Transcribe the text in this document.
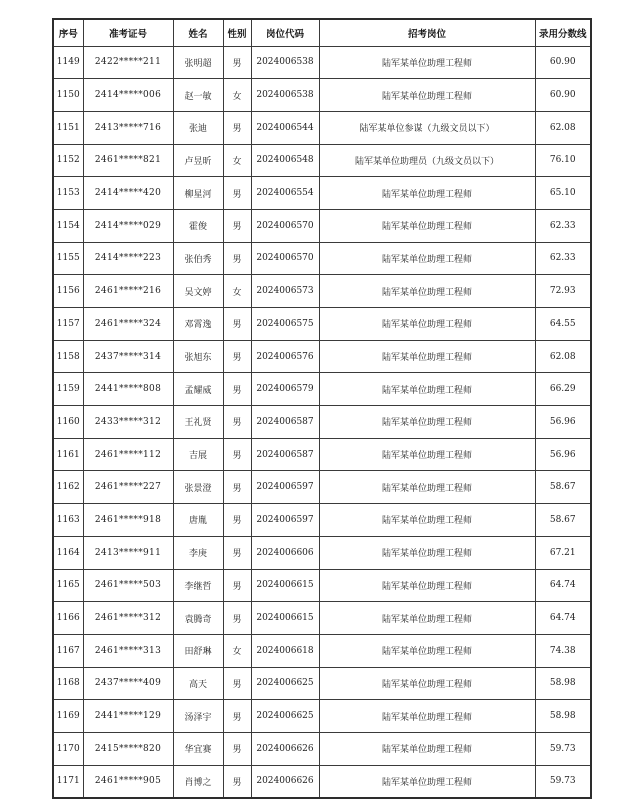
序号	准考证号	姓名	性别	岗位代码	招考岗位	录用分数线
1149	2422*****211	张明超	男	2024006538	陆军某单位助理工程师	60.90
1150	2414*****006	赵一敏	女	2024006538	陆军某单位助理工程师	60.90
1151	2413*****716	张迪	男	2024006544	陆军某单位参谋（九级文员以下）	62.08
1152	2461*****821	卢昱昕	女	2024006548	陆军某单位助理员（九级文员以下）	76.10
1153	2414*****420	柳星河	男	2024006554	陆军某单位助理工程师	65.10
1154	2414*****029	霍俊	男	2024006570	陆军某单位助理工程师	62.33
1155	2414*****223	张伯秀	男	2024006570	陆军某单位助理工程师	62.33
1156	2461*****216	吴文婷	女	2024006573	陆军某单位助理工程师	72.93
1157	2461*****324	邓霄逸	男	2024006575	陆军某单位助理工程师	64.55
1158	2437*****314	张旭东	男	2024006576	陆军某单位助理工程师	62.08
1159	2441*****808	孟耀威	男	2024006579	陆军某单位助理工程师	66.29
1160	2433*****312	王礼贤	男	2024006587	陆军某单位助理工程师	56.96
1161	2461*****112	吉展	男	2024006587	陆军某单位助理工程师	56.96
1162	2461*****227	张景澄	男	2024006597	陆军某单位助理工程师	58.67
1163	2461*****918	唐胤	男	2024006597	陆军某单位助理工程师	58.67
1164	2413*****911	李庚	男	2024006606	陆军某单位助理工程师	67.21
1165	2461*****503	李继哲	男	2024006615	陆军某单位助理工程师	64.74
1166	2461*****312	袁腾奇	男	2024006615	陆军某单位助理工程师	64.74
1167	2461*****313	田舒琳	女	2024006618	陆军某单位助理工程师	74.38
1168	2437*****409	高天	男	2024006625	陆军某单位助理工程师	58.98
1169	2441*****129	汤泽宇	男	2024006625	陆军某单位助理工程师	58.98
1170	2415*****820	华宜赛	男	2024006626	陆军某单位助理工程师	59.73
1171	2461*****905	肖博之	男	2024006626	陆军某单位助理工程师	59.73
